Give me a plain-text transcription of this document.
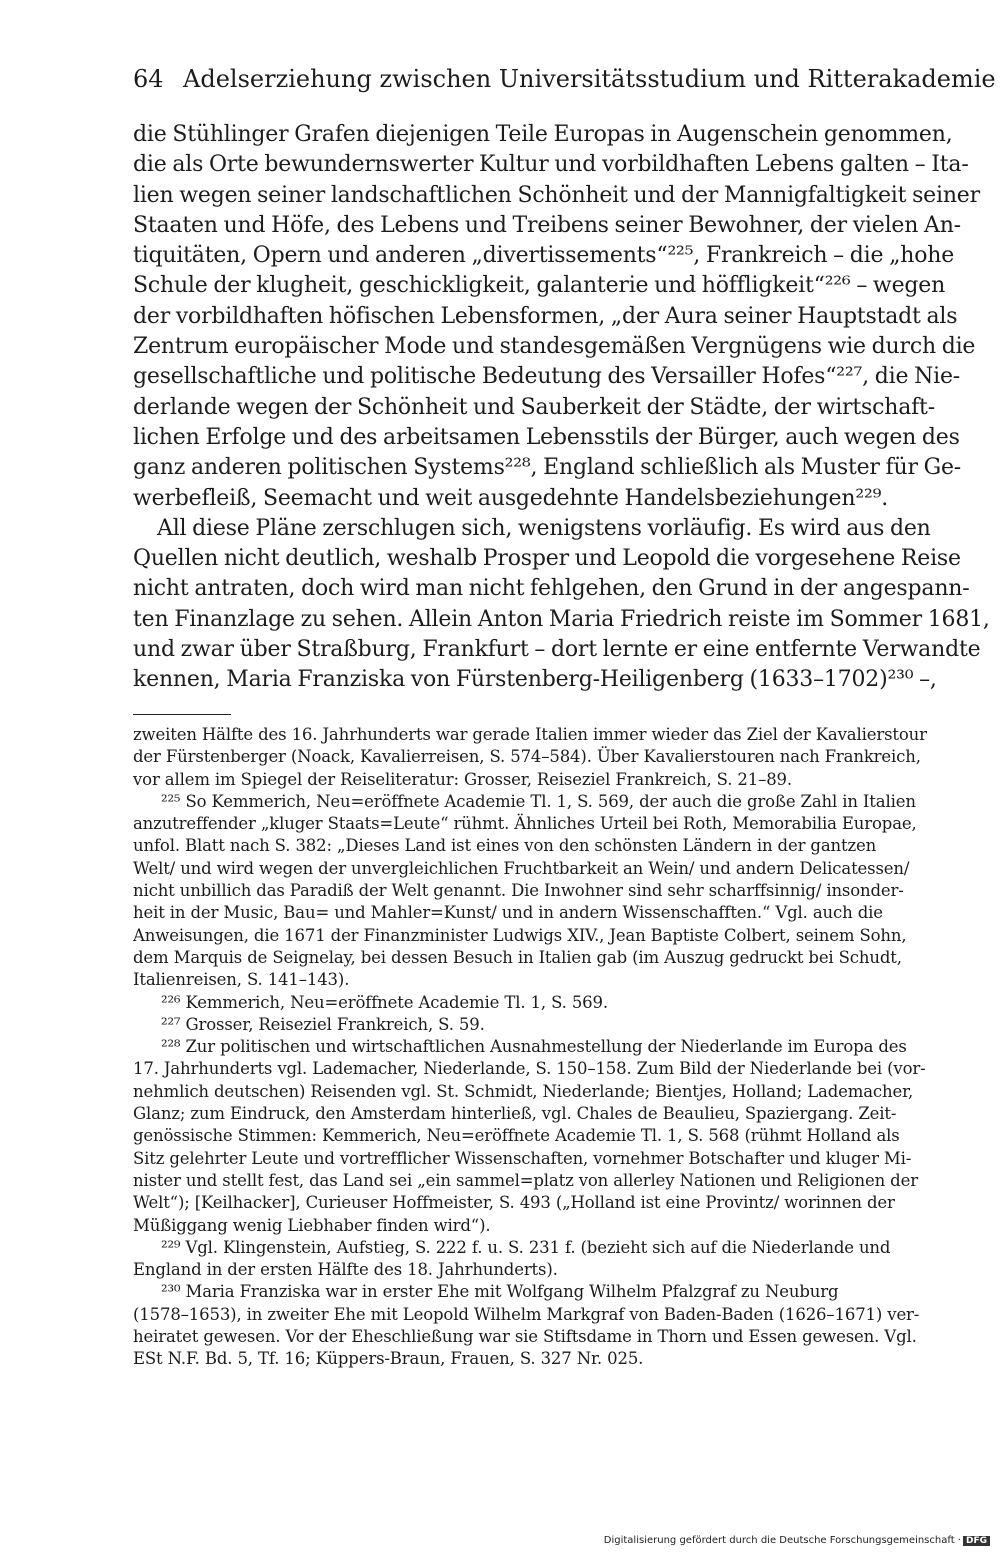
64 Adelserziehung zwischen Universitätsstudium und Ritterakademie
die Stühlinger Grafen diejenigen Teile Europas in Augenschein genommen,
die als Orte bewundernswerter Kultur und vorbildhaften Lebens galten – Ita-
lien wegen seiner landschaftlichen Schönheit und der Mannigfaltigkeit seiner
Staaten und Höfe, des Lebens und Treibens seiner Bewohner, der vielen An-
tiquitäten, Opern und anderen „divertissements“²²⁵, Frankreich – die „hohe
Schule der klugheit, geschickligkeit, galanterie und höffligkeit“²²⁶ – wegen
der vorbildhaften höfischen Lebensformen, „der Aura seiner Hauptstadt als
Zentrum europäischer Mode und standesgemäßen Vergnügens wie durch die
gesellschaftliche und politische Bedeutung des Versailler Hofes“²²⁷, die Nie-
derlande wegen der Schönheit und Sauberkeit der Städte, der wirtschaft-
lichen Erfolge und des arbeitsamen Lebensstils der Bürger, auch wegen des
ganz anderen politischen Systems²²⁸, England schließlich als Muster für Ge-
werbefleiß, Seemacht und weit ausgedehnte Handelsbeziehungen²²⁹.
All diese Pläne zerschlugen sich, wenigstens vorläufig. Es wird aus den
Quellen nicht deutlich, weshalb Prosper und Leopold die vorgesehene Reise
nicht antraten, doch wird man nicht fehlgehen, den Grund in der angespann-
ten Finanzlage zu sehen. Allein Anton Maria Friedrich reiste im Sommer 1681,
und zwar über Straßburg, Frankfurt – dort lernte er eine entfernte Verwandte
kennen, Maria Franziska von Fürstenberg-Heiligenberg (1633–1702)²³⁰ –,
zweiten Hälfte des 16. Jahrhunderts war gerade Italien immer wieder das Ziel der Kavalierstour
der Fürstenberger (Noack, Kavalierreisen, S. 574–584). Über Kavalierstouren nach Frankreich,
vor allem im Spiegel der Reiseliteratur: Grosser, Reiseziel Frankreich, S. 21–89.
²²⁵ So Kemmerich, Neu=eröffnete Academie Tl. 1, S. 569, der auch die große Zahl in Italien
anzutreffender „kluger Staats=Leute“ rühmt. Ähnliches Urteil bei Roth, Memorabilia Europae,
unfol. Blatt nach S. 382: „Dieses Land ist eines von den schönsten Ländern in der gantzen
Welt/ und wird wegen der unvergleichlichen Fruchtbarkeit an Wein/ und andern Delicatessen/
nicht unbillich das Paradiß der Welt genannt. Die Inwohner sind sehr scharffsinnig/ insonder-
heit in der Music, Bau= und Mahler=Kunst/ und in andern Wissenschafften.“ Vgl. auch die
Anweisungen, die 1671 der Finanzminister Ludwigs XIV., Jean Baptiste Colbert, seinem Sohn,
dem Marquis de Seignelay, bei dessen Besuch in Italien gab (im Auszug gedruckt bei Schudt,
Italienreisen, S. 141–143).
²²⁶ Kemmerich, Neu=eröffnete Academie Tl. 1, S. 569.
²²⁷ Grosser, Reiseziel Frankreich, S. 59.
²²⁸ Zur politischen und wirtschaftlichen Ausnahmestellung der Niederlande im Europa des
17. Jahrhunderts vgl. Lademacher, Niederlande, S. 150–158. Zum Bild der Niederlande bei (vor-
nehmlich deutschen) Reisenden vgl. St. Schmidt, Niederlande; Bientjes, Holland; Lademacher,
Glanz; zum Eindruck, den Amsterdam hinterließ, vgl. Chales de Beaulieu, Spaziergang. Zeit-
genössische Stimmen: Kemmerich, Neu=eröffnete Academie Tl. 1, S. 568 (rühmt Holland als
Sitz gelehrter Leute und vortrefflicher Wissenschaften, vornehmer Botschafter und kluger Mi-
nister und stellt fest, das Land sei „ein sammel=platz von allerley Nationen und Religionen der
Welt“); [Keilhacker], Curieuser Hoffmeister, S. 493 („Holland ist eine Provintz/ worinnen der
Müßiggang wenig Liebhaber finden wird“).
²²⁹ Vgl. Klingenstein, Aufstieg, S. 222 f. u. S. 231 f. (bezieht sich auf die Niederlande und
England in der ersten Hälfte des 18. Jahrhunderts).
²³⁰ Maria Franziska war in erster Ehe mit Wolfgang Wilhelm Pfalzgraf zu Neuburg
(1578–1653), in zweiter Ehe mit Leopold Wilhelm Markgraf von Baden-Baden (1626–1671) ver-
heiratet gewesen. Vor der Eheschließung war sie Stiftsdame in Thorn und Essen gewesen. Vgl.
ESt N.F. Bd. 5, Tf. 16; Küppers-Braun, Frauen, S. 327 Nr. 025.
Digitalisierung gefördert durch die Deutsche Forschungsgemeinschaft · DFG
